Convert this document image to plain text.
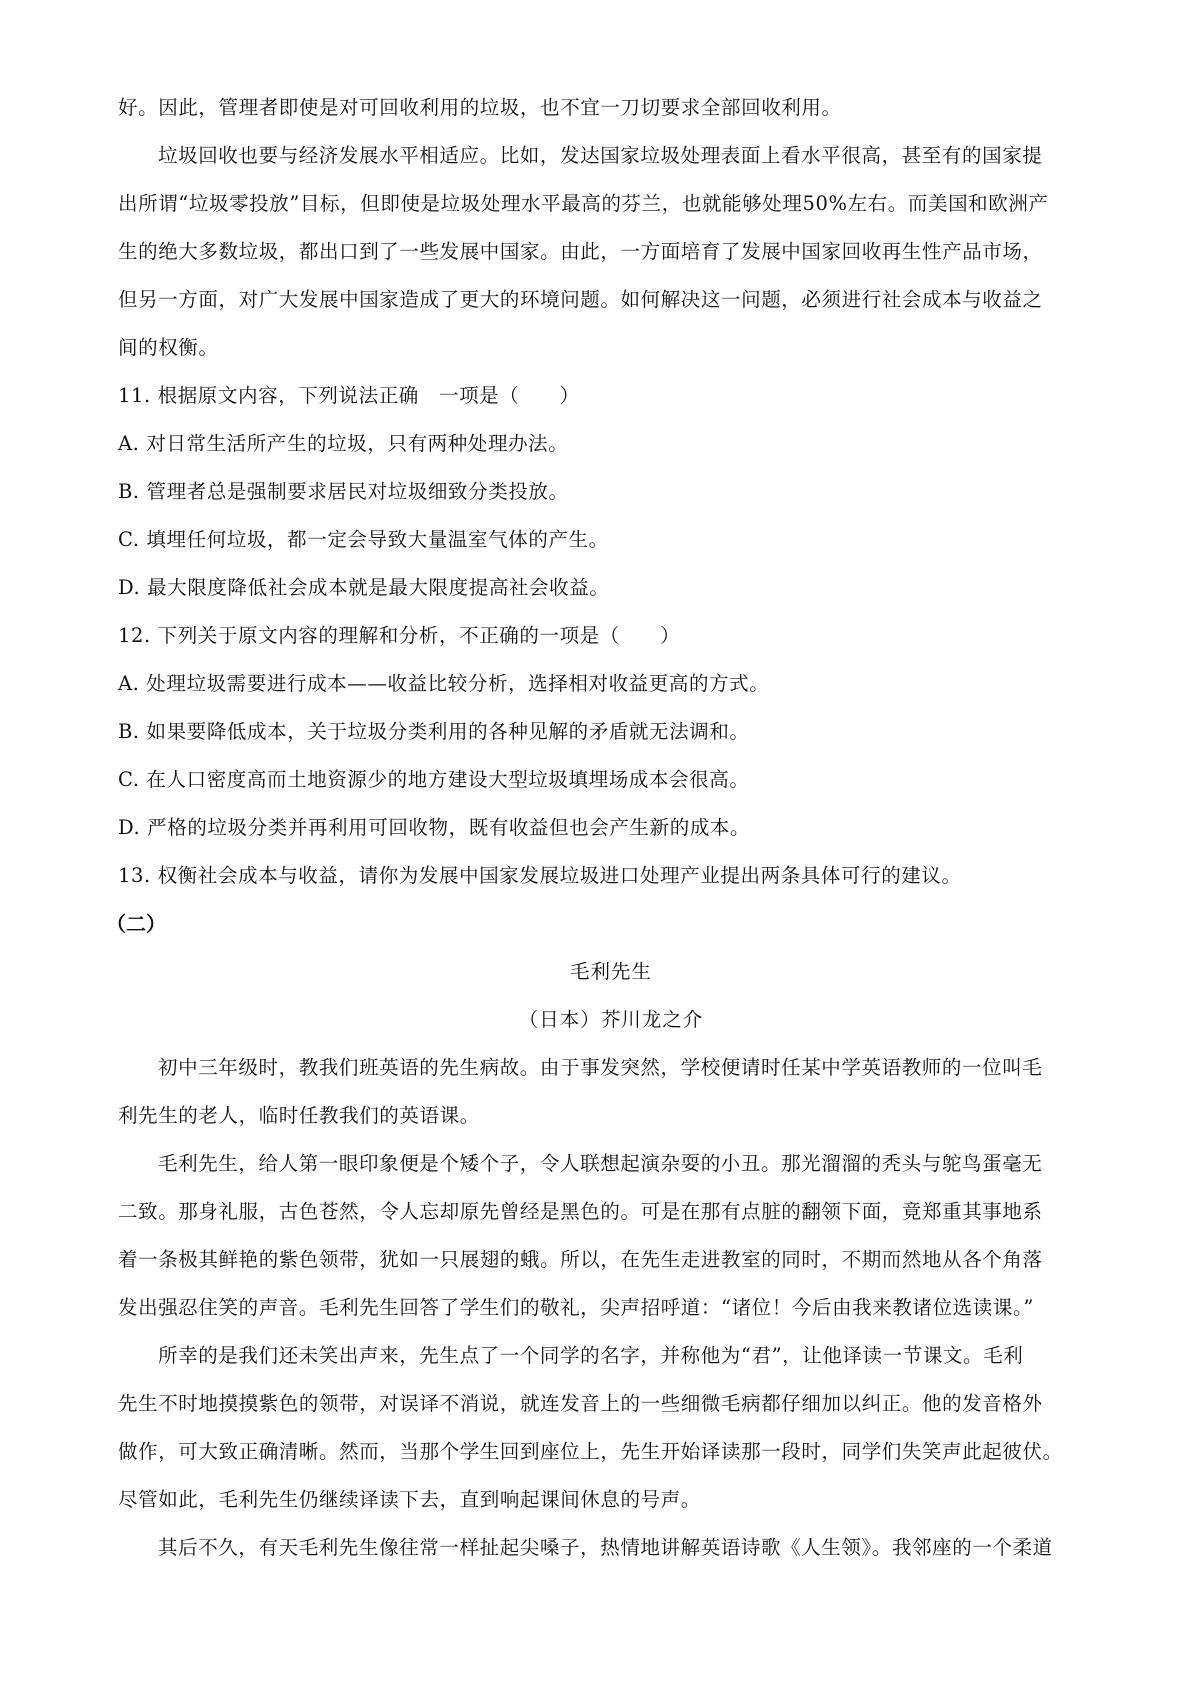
好。因此，管理者即使是对可回收利用的垃圾，也不宜一刀切要求全部回收利用。
垃圾回收也要与经济发展水平相适应。比如，发达国家垃圾处理表面上看水平很高，甚至有的国家提
出所谓“垃圾零投放”目标，但即使是垃圾处理水平最高的芬兰，也就能够处理50%左右。而美国和欧洲产
生的绝大多数垃圾，都出口到了一些发展中国家。由此，一方面培育了发展中国家回收再生性产品市场，
但另一方面，对广大发展中国家造成了更大的环境问题。如何解决这一问题，必须进行社会成本与收益之
间的权衡。
11. 根据原文内容，下列说法正确　一项是（　　）
A. 对日常生活所产生的垃圾，只有两种处理办法。
B. 管理者总是强制要求居民对垃圾细致分类投放。
C. 填埋任何垃圾，都一定会导致大量温室气体的产生。
D. 最大限度降低社会成本就是最大限度提高社会收益。
12. 下列关于原文内容的理解和分析，不正确的一项是（　　）
A. 处理垃圾需要进行成本——收益比较分析，选择相对收益更高的方式。
B. 如果要降低成本，关于垃圾分类利用的各种见解的矛盾就无法调和。
C. 在人口密度高而土地资源少的地方建设大型垃圾填埋场成本会很高。
D. 严格的垃圾分类并再利用可回收物，既有收益但也会产生新的成本。
13. 权衡社会成本与收益，请你为发展中国家发展垃圾进口处理产业提出两条具体可行的建议。
（二）
毛利先生
（日本）芥川龙之介
初中三年级时，教我们班英语的先生病故。由于事发突然，学校便请时任某中学英语教师的一位叫毛
利先生的老人，临时任教我们的英语课。
毛利先生，给人第一眼印象便是个矮个子，令人联想起演杂耍的小丑。那光溜溜的秃头与鸵鸟蛋毫无
二致。那身礼服，古色苍然，令人忘却原先曾经是黑色的。可是在那有点脏的翻领下面，竟郑重其事地系
着一条极其鲜艳的紫色领带，犹如一只展翅的蛾。所以，在先生走进教室的同时，不期而然地从各个角落
发出强忍住笑的声音。毛利先生回答了学生们的敬礼，尖声招呼道：“诸位！今后由我来教诸位选读课。”
所幸的是我们还未笑出声来，先生点了一个同学的名字，并称他为“君”，让他译读一节课文。毛利
先生不时地摸摸紫色的领带，对误译不消说，就连发音上的一些细微毛病都仔细加以纠正。他的发音格外
做作，可大致正确清晰。然而，当那个学生回到座位上，先生开始译读那一段时，同学们失笑声此起彼伏。
尽管如此，毛利先生仍继续译读下去，直到响起课间休息的号声。
其后不久，有天毛利先生像往常一样扯起尖嗓子，热情地讲解英语诗歌《人生领》。我邻座的一个柔道
